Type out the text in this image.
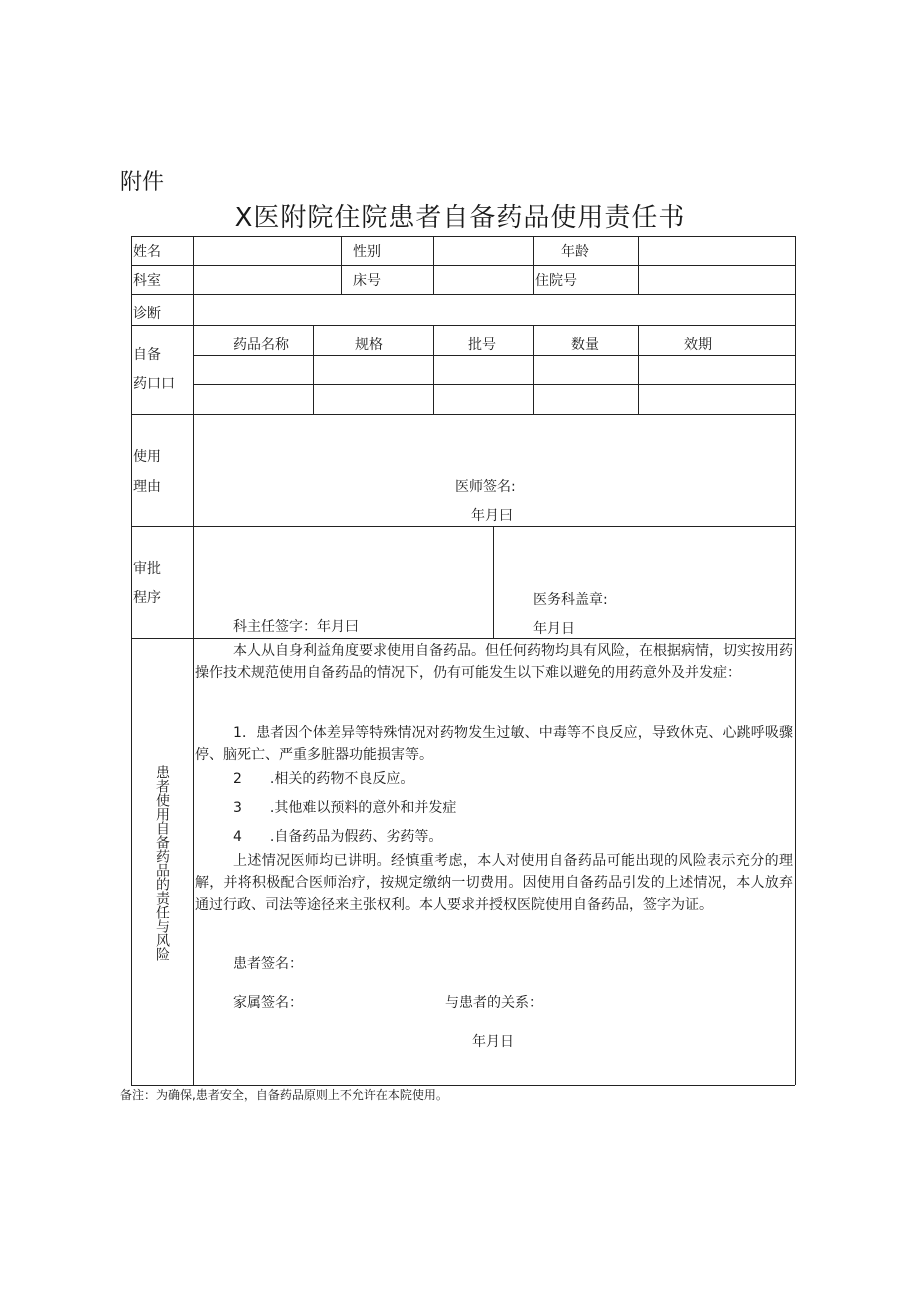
附件
X医附院住院患者自备药品使用责任书
姓名	性别	年龄
科室	床号	住院号
诊断
自备
药口口
药品名称	规格	批号	数量	效期
使用
理由	医师签名:
年月曰
审批
程序
科主任签字：年月曰
医务科盖章:
年月日
患者使用自备药品的责任与风险
本人从自身利益角度要求使用自备药品。但任何药物均具有风险，在根据病情，切实按用药操作技术规范使用自备药品的情况下，仍有可能发生以下难以避免的用药意外及并发症：
1．患者因个体差异等特殊情况对药物发生过敏、中毒等不良反应，导致休克、心跳呼吸骤停、脑死亡、严重多脏器功能损害等。
2　　.相关的药物不良反应。
3　　.其他难以预料的意外和并发症
4　　.自备药品为假药、劣药等。
上述情况医师均已讲明。经慎重考虑，本人对使用自备药品可能出现的风险表示充分的理解，并将积极配合医师治疗，按规定缴纳一切费用。因使用自备药品引发的上述情况，本人放弃通过行政、司法等途径来主张权利。本人要求并授权医院使用自备药品，签字为证。
患者签名：
家属签名：	与患者的关系：
年月日
备注：为确保,患者安全，自备药品原则上不允许在本院使用。
